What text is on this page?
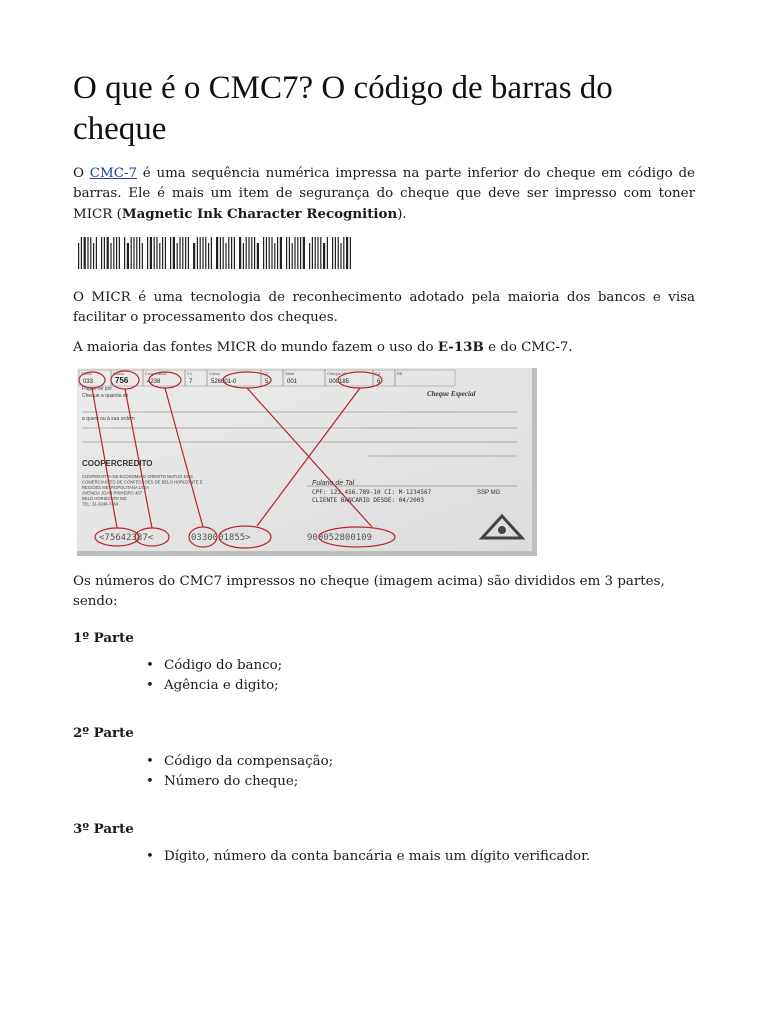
O que é o CMC7? O código de barras do cheque

O CMC-7 é uma sequência numérica impressa na parte inferior do cheque em código de barras. Ele é mais um item de segurança do cheque que deve ser impresso com toner MICR (Magnetic Ink Character Recognition).

O MICR é uma tecnologia de reconhecimento adotado pela maioria dos bancos e visa facilitar o processamento dos cheques.

A maioria das fontes MICR do mundo fazem o uso do E-13B e do CMC-7.

Comp
033
Banco
756
Cooperativa
4238
C1
7
Conta
526001-0
C2
5
Série
001
Cheque Nº
000185
C3
6
R$
Pague-se por
Cheque a quantia de
a quem ou à sua ordem
Cheque Especial
COOPERCREDITO
COOPERATIVA DE ECONOMIA E CREDITO MUTUO DOS
COMERCIANTES DE CONFECCOES DE BELO HORIZONTE E
REGIOES METROPOLITANA LTDA
AVENIDA JOAO PINHEIRO 467
BELO HORIZONTE MG
TEL: 31-3248-7464
Fulano de Tal
CPF: 123.456.789-10 CI: M-1234567	SSP MG
CLIENTE BANCARIO DESDE: 04/2003
<75642387<	0330001855>	900052800109

Os números do CMC7 impressos no cheque (imagem acima) são divididos em 3 partes, sendo:

1º Parte
• Código do banco;
• Agência e digito;
2º Parte
• Código da compensação;
• Número do cheque;
3º Parte
• Dígito, número da conta bancária e mais um dígito verificador.
